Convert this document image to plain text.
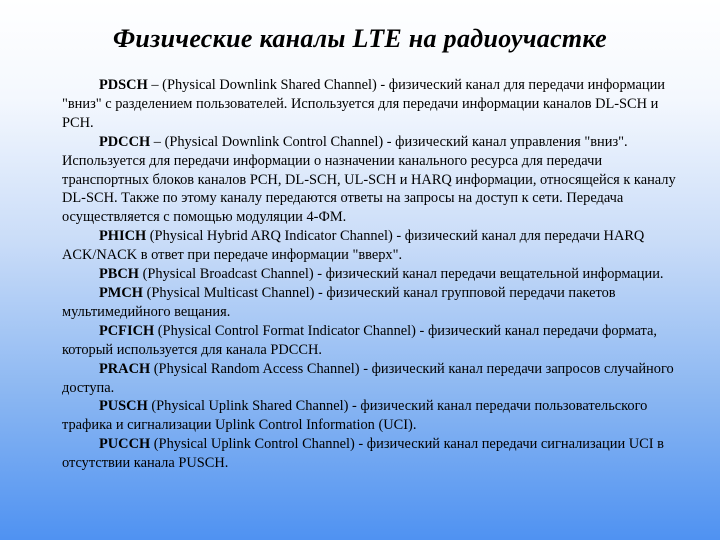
Физические каналы LTE на радиоучастке

PDSCH – (Physical Downlink Shared Channel) - физический канал для передачи информации "вниз" с разделением пользователей. Используется для передачи информации каналов DL-SCH и PCH.

PDCCH – (Physical Downlink Control Channel) - физический канал управления "вниз". Используется для передачи информации о назначении канального ресурса для передачи транспортных блоков каналов PCH, DL-SCH, UL-SCH и HARQ информации, относящейся к каналу DL-SCH. Также по этому каналу передаются ответы на запросы на доступ к сети. Передача осуществляется с помощью модуляции 4-ФМ.

PHICH (Physical Hybrid ARQ Indicator Channel) - физический канал для передачи HARQ ACK/NACK в ответ при передаче информации "вверх".

PBCH (Physical Broadcast Channel) - физический канал передачи вещательной информации.

PMCH (Physical Multicast Channel) - физический канал групповой передачи пакетов мультимедийного вещания.

PCFICH (Physical Control Format Indicator Channel) - физический канал передачи формата, который используется для канала PDCCH.

PRACH (Physical Random Access Channel) - физический канал передачи запросов случайного доступа.

PUSCH (Physical Uplink Shared Channel) - физический канал передачи пользовательского трафика и сигнализации Uplink Control Information (UCI).

PUCCH (Physical Uplink Control Channel) - физический канал передачи сигнализации UCI в отсутствии канала PUSCH.
